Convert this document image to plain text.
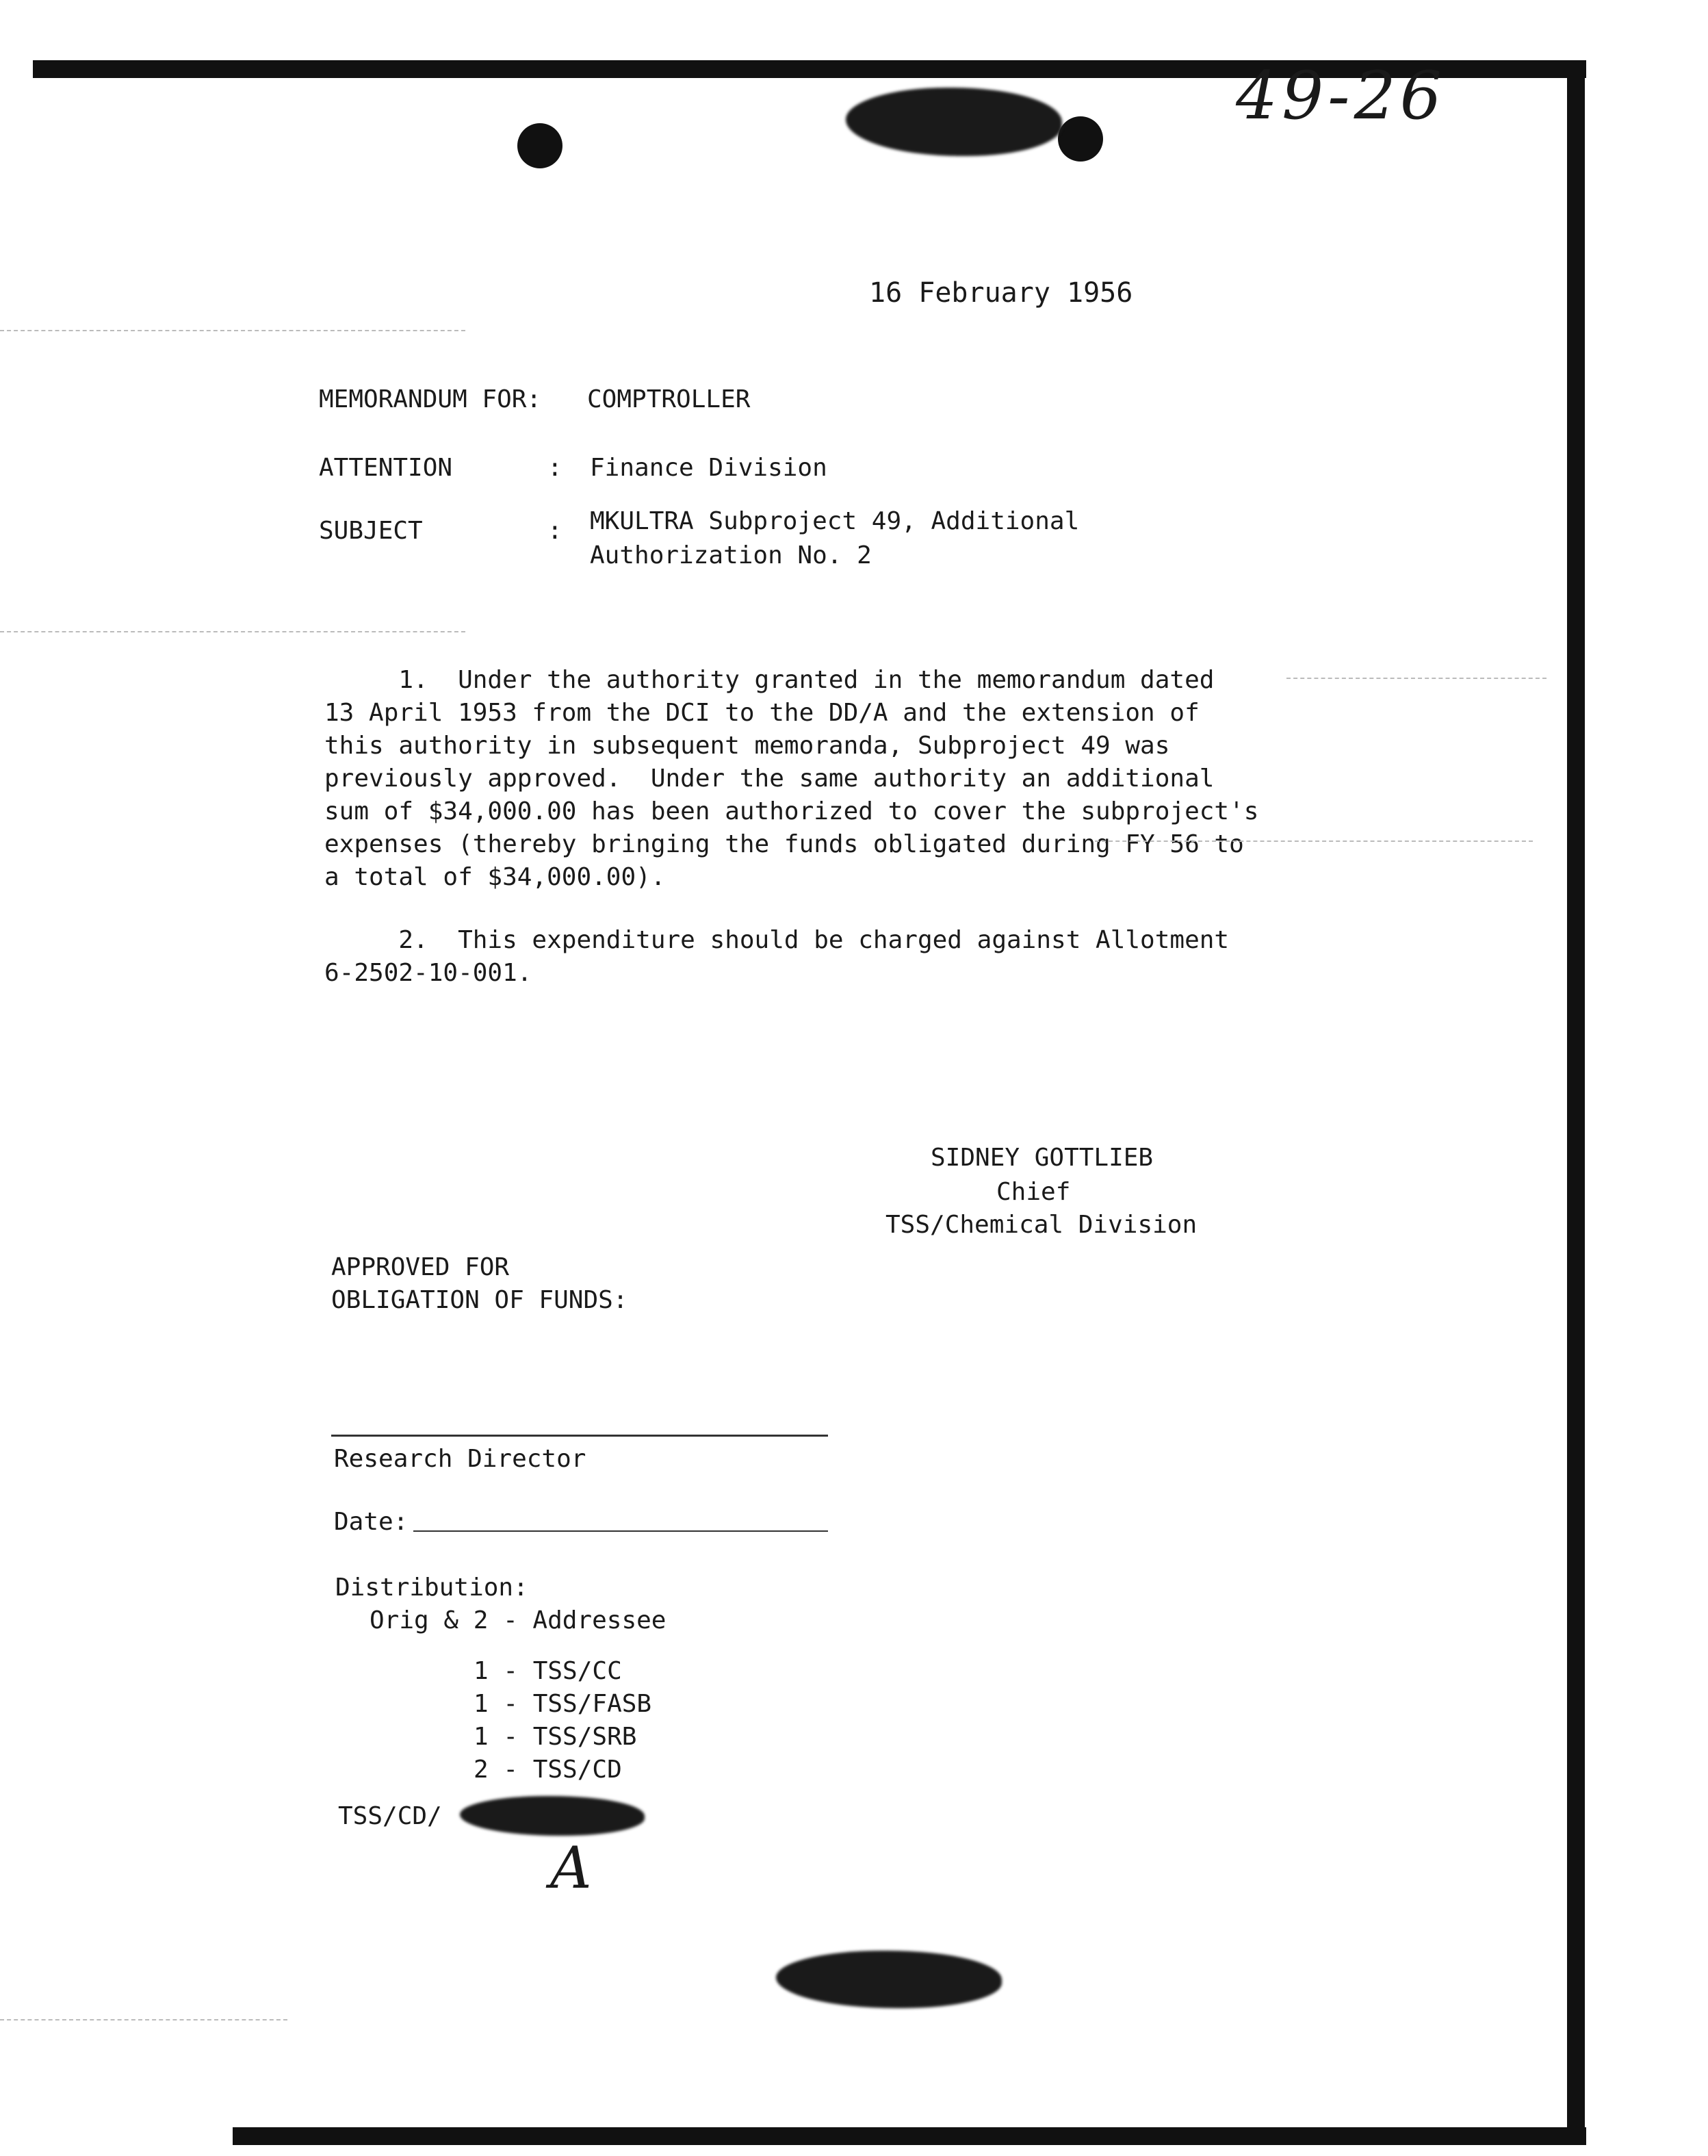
49-26
16 February 1956
MEMORANDUM FOR: COMPTROLLER
ATTENTION	: Finance Division
SUBJECT	: MKULTRA Subproject 49, Additional
Authorization No. 2
1.  Under the authority granted in the memorandum dated
13 April 1953 from the DCI to the DD/A and the extension of
this authority in subsequent memoranda, Subproject 49 was
previously approved.  Under the same authority an additional
sum of $34,000.00 has been authorized to cover the subproject's
expenses (thereby bringing the funds obligated during FY 56 to
a total of $34,000.00).
2.  This expenditure should be charged against Allotment
6-2502-10-001.
SIDNEY GOTTLIEB
Chief
TSS/Chemical Division
APPROVED FOR
OBLIGATION OF FUNDS:
Research Director
Date:
Distribution:
Orig & 2 - Addressee
1 - TSS/CC
1 - TSS/FASB
1 - TSS/SRB
2 - TSS/CD
TSS/CD/
A
